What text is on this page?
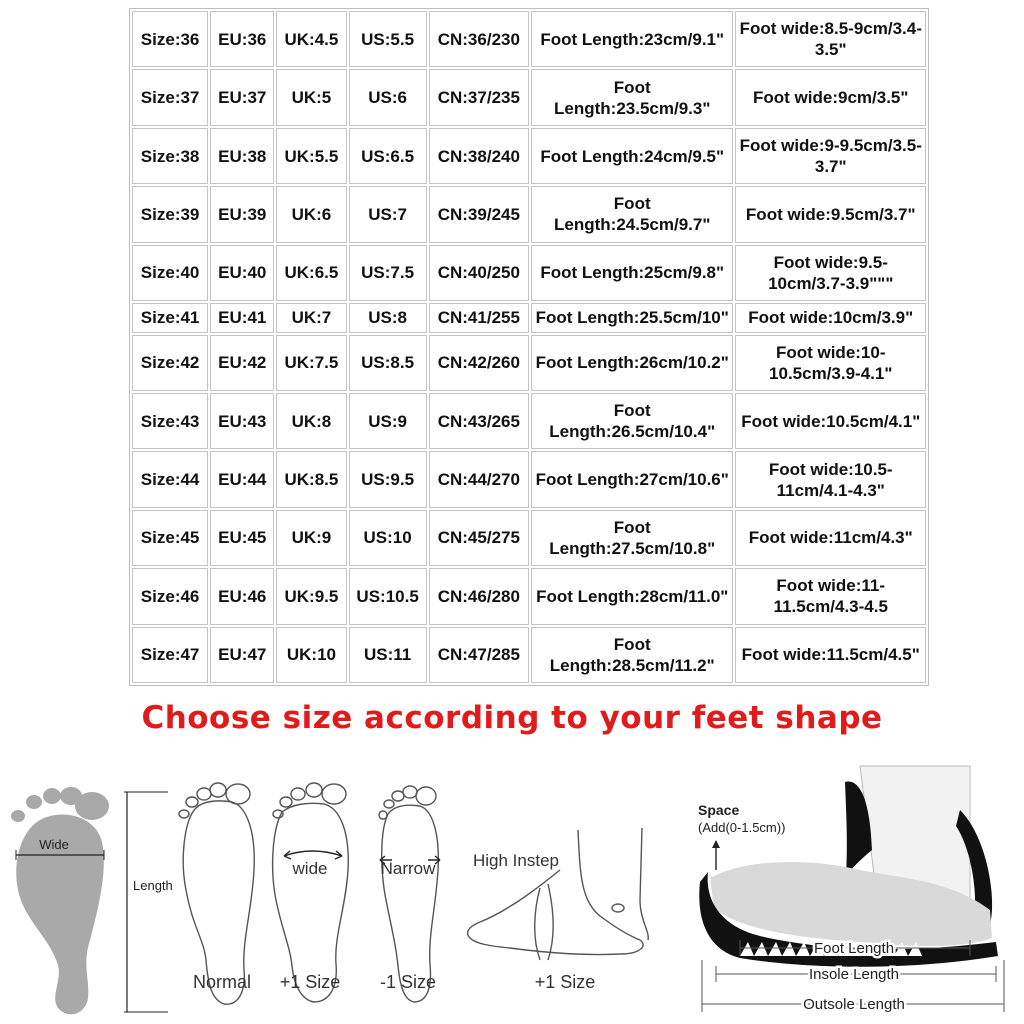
Size:36	EU:36	UK:4.5	US:5.5	CN:36/230	Foot Length:23cm/9.1"	Foot wide:8.5-9cm/3.4-3.5"
Size:37	EU:37	UK:5	US:6	CN:37/235	Foot Length:23.5cm/9.3"	Foot wide:9cm/3.5"
Size:38	EU:38	UK:5.5	US:6.5	CN:38/240	Foot Length:24cm/9.5"	Foot wide:9-9.5cm/3.5-3.7"
Size:39	EU:39	UK:6	US:7	CN:39/245	Foot Length:24.5cm/9.7"	Foot wide:9.5cm/3.7"
Size:40	EU:40	UK:6.5	US:7.5	CN:40/250	Foot Length:25cm/9.8"	Foot wide:9.5-10cm/3.7-3.9"""
Size:41	EU:41	UK:7	US:8	CN:41/255	Foot Length:25.5cm/10"	Foot wide:10cm/3.9"
Size:42	EU:42	UK:7.5	US:8.5	CN:42/260	Foot Length:26cm/10.2"	Foot wide:10-10.5cm/3.9-4.1"
Size:43	EU:43	UK:8	US:9	CN:43/265	Foot Length:26.5cm/10.4"	Foot wide:10.5cm/4.1"
Size:44	EU:44	UK:8.5	US:9.5	CN:44/270	Foot Length:27cm/10.6"	Foot wide:10.5-11cm/4.1-4.3"
Size:45	EU:45	UK:9	US:10	CN:45/275	Foot Length:27.5cm/10.8"	Foot wide:11cm/4.3"
Size:46	EU:46	UK:9.5	US:10.5	CN:46/280	Foot Length:28cm/11.0"	Foot wide:11-11.5cm/4.3-4.5
Size:47	EU:47	UK:10	US:11	CN:47/285	Foot Length:28.5cm/11.2"	Foot wide:11.5cm/4.5"
Choose size according to your feet shape
Wide
Length
Normal
wide
+1 Size
Narrow
-1 Size
High Instep
+1 Size
Space
(Add(0-1.5cm))
Foot Length
Insole Length
Outsole Length
